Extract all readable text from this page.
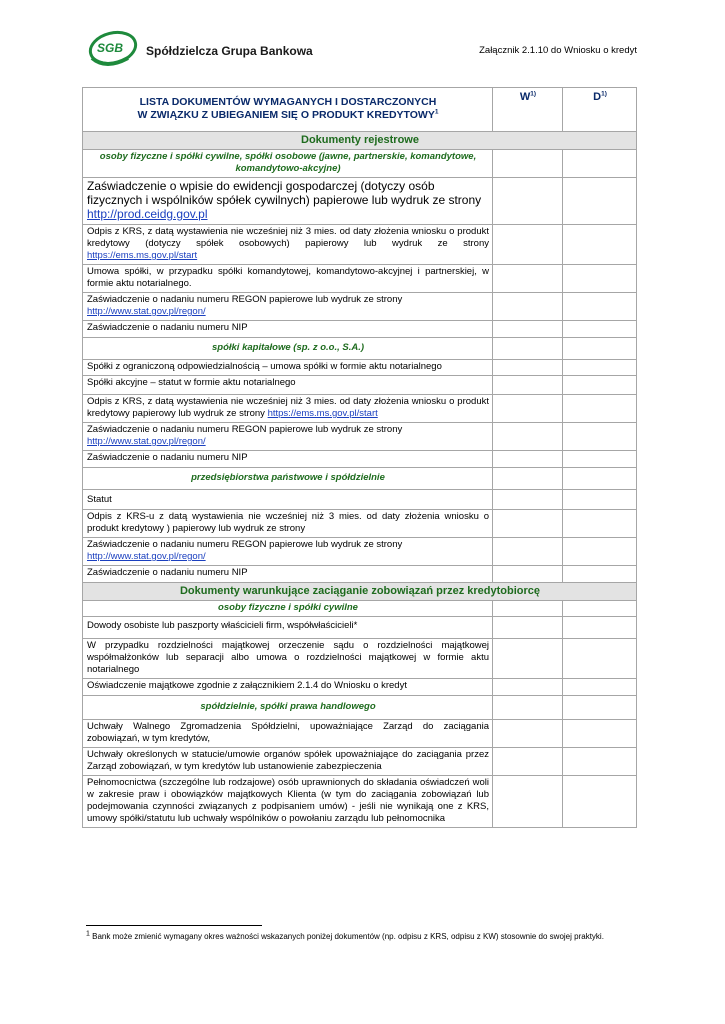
SGB Spółdzielcza Grupa Bankowa	Załącznik 2.1.10 do Wniosku o kredyt
LISTA DOKUMENTÓW WYMAGANYCH I DOSTARCZONYCH
W ZWIĄZKU Z UBIEGANIEM SIĘ O PRODUKT KREDYTOWY$^1$	$W^{1)}$	$D^{1)}$
Dokumenty rejestrowe		
osoby fizyczne i spółki cywilne, spółki osobowe (jawne, partnerskie, komandytowe, komandytowo-akcyjne)		
Zaświadczenie o wpisie do ewidencji gospodarczej (dotyczy osób fizycznych i wspólników spółek cywilnych) papierowe lub wydruk ze strony http://prod.ceidg.gov.pl		
Odpis z KRS, z datą wystawienia nie wcześniej niż 3 mies. od daty złożenia wniosku o produkt kredytowy (dotyczy spółek osobowych) papierowy lub wydruk ze strony https://ems.ms.gov.pl/start		
Umowa spółki, w przypadku spółki komandytowej, komandytowo-akcyjnej i partnerskiej, w formie aktu notarialnego.		
Zaświadczenie o nadaniu numeru REGON papierowe lub wydruk ze strony
http://www.stat.gov.pl/regon/		
Zaświadczenie o nadaniu numeru NIP		
spółki kapitałowe (sp. z o.o., S.A.)		
Spółki z ograniczoną odpowiedzialnością – umowa spółki w formie aktu notarialnego		
Spółki akcyjne – statut w formie aktu notarialnego		
Odpis z KRS, z datą wystawienia nie wcześniej niż 3 mies. od daty złożenia wniosku o produkt kredytowy papierowy lub wydruk ze strony https://ems.ms.gov.pl/start		
Zaświadczenie o nadaniu numeru REGON papierowe lub wydruk ze strony
http://www.stat.gov.pl/regon/		
Zaświadczenie o nadaniu numeru NIP		
przedsiębiorstwa państwowe i spółdzielnie		
Statut		
Odpis z KRS-u z datą wystawienia nie wcześniej niż 3 mies. od daty złożenia wniosku o produkt kredytowy ) papierowy lub wydruk ze strony		
Zaświadczenie o nadaniu numeru REGON papierowe lub wydruk ze strony
http://www.stat.gov.pl/regon/		
Zaświadczenie o nadaniu numeru NIP		
Dokumenty warunkujące zaciąganie zobowiązań przez kredytobiorcę		
osoby fizyczne i spółki cywilne		
Dowody osobiste lub paszporty właścicieli firm, współwłaścicieli*		
W przypadku rozdzielności majątkowej orzeczenie sądu o rozdzielności majątkowej współmałżonków lub separacji albo umowa o rozdzielności majątkowej w formie aktu notarialnego		
Oświadczenie majątkowe zgodnie z załącznikiem 2.1.4 do Wniosku o kredyt		
spółdzielnie, spółki prawa handlowego		
Uchwały Walnego Zgromadzenia Spółdzielni, upoważniające Zarząd do zaciągania zobowiązań, w tym kredytów,		
Uchwały określonych w statucie/umowie organów spółek upoważniające do zaciągania przez Zarząd zobowiązań, w tym kredytów lub ustanowienie zabezpieczenia		
Pełnomocnictwa (szczególne lub rodzajowe) osób uprawnionych do składania oświadczeń woli w zakresie praw i obowiązków majątkowych Klienta (w tym do zaciągania zobowiązań lub podejmowania czynności związanych z podpisaniem umów) - jeśli nie wynikają one z KRS, umowy spółki/statutu lub uchwały wspólników o powołaniu zarządu lub pełnomocnika		
$^1$ Bank może zmienić wymagany okres ważności wskazanych poniżej dokumentów (np. odpisu z KRS, odpisu z KW) stosownie do swojej praktyki.
